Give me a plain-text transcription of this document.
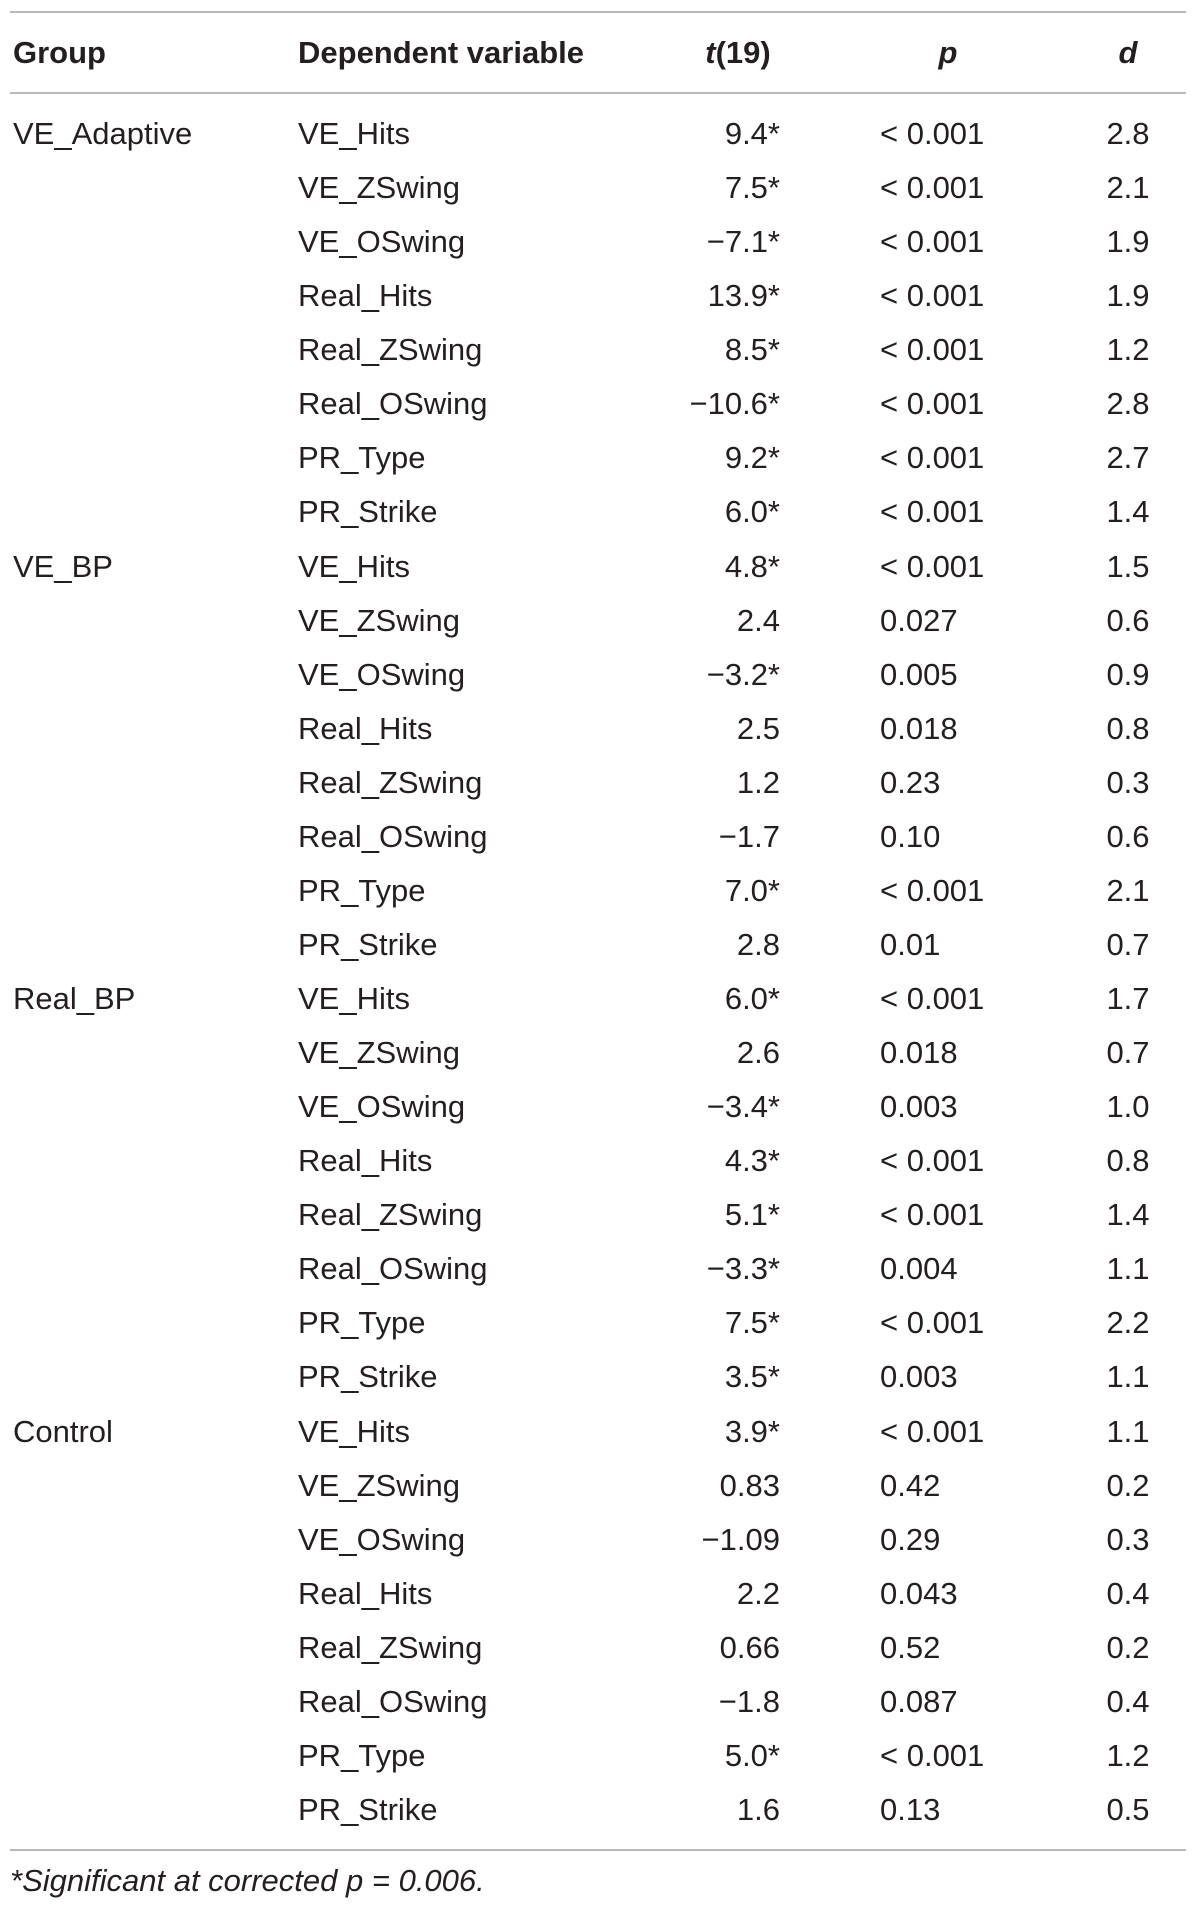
Group	Dependent variable	t(19)	p	d
VE_Adaptive	VE_Hits	9.4*	< 0.001	2.8
VE_ZSwing	7.5*	< 0.001	2.1
VE_OSwing	−7.1*	< 0.001	1.9
Real_Hits	13.9*	< 0.001	1.9
Real_ZSwing	8.5*	< 0.001	1.2
Real_OSwing	−10.6*	< 0.001	2.8
PR_Type	9.2*	< 0.001	2.7
PR_Strike	6.0*	< 0.001	1.4
VE_BP	VE_Hits	4.8*	< 0.001	1.5
VE_ZSwing	2.4	0.027	0.6
VE_OSwing	−3.2*	0.005	0.9
Real_Hits	2.5	0.018	0.8
Real_ZSwing	1.2	0.23	0.3
Real_OSwing	−1.7	0.10	0.6
PR_Type	7.0*	< 0.001	2.1
PR_Strike	2.8	0.01	0.7
Real_BP	VE_Hits	6.0*	< 0.001	1.7
VE_ZSwing	2.6	0.018	0.7
VE_OSwing	−3.4*	0.003	1.0
Real_Hits	4.3*	< 0.001	0.8
Real_ZSwing	5.1*	< 0.001	1.4
Real_OSwing	−3.3*	0.004	1.1
PR_Type	7.5*	< 0.001	2.2
PR_Strike	3.5*	0.003	1.1
Control	VE_Hits	3.9*	< 0.001	1.1
VE_ZSwing	0.83	0.42	0.2
VE_OSwing	−1.09	0.29	0.3
Real_Hits	2.2	0.043	0.4
Real_ZSwing	0.66	0.52	0.2
Real_OSwing	−1.8	0.087	0.4
PR_Type	5.0*	< 0.001	1.2
PR_Strike	1.6	0.13	0.5
*Significant at corrected p = 0.006.
